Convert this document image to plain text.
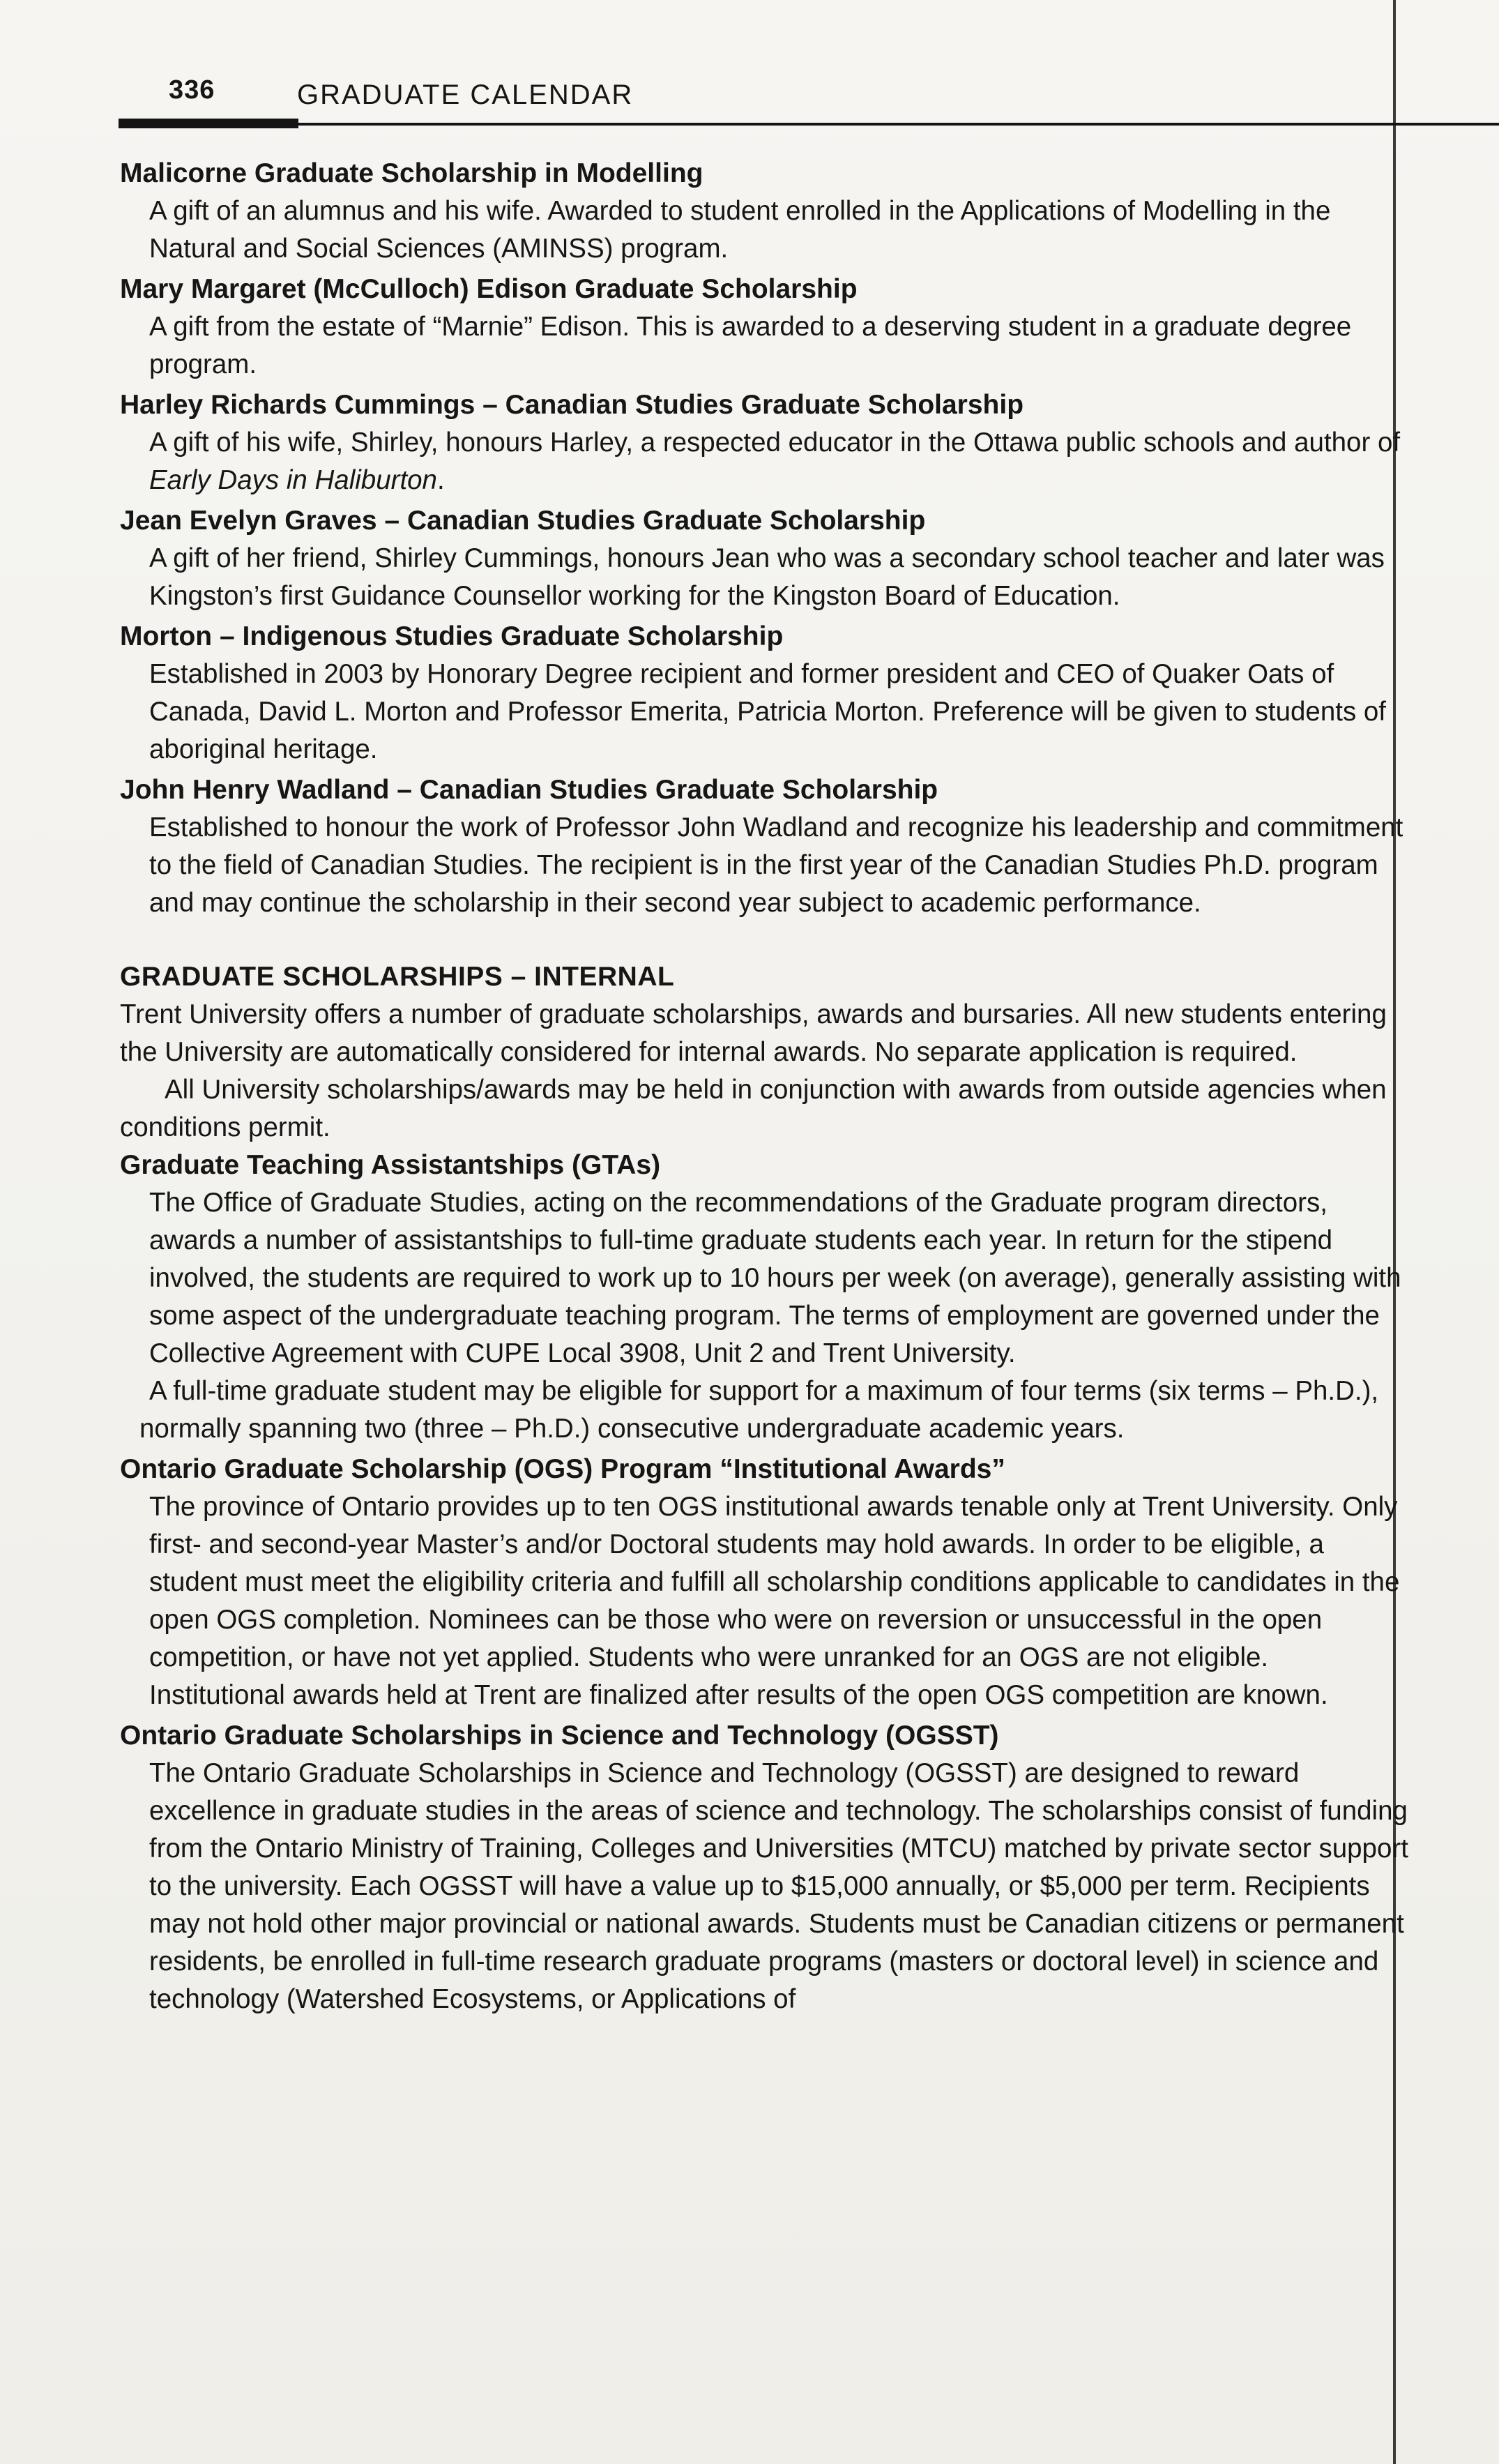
336	GRADUATE CALENDAR

Malicorne Graduate Scholarship in Modelling

A gift of an alumnus and his wife. Awarded to student enrolled in the Applications of Modelling in the Natural and Social Sciences (AMINSS) program.

Mary Margaret (McCulloch) Edison Graduate Scholarship

A gift from the estate of “Marnie” Edison. This is awarded to a deserving student in a graduate degree program.

Harley Richards Cummings – Canadian Studies Graduate Scholarship

A gift of his wife, Shirley, honours Harley, a respected educator in the Ottawa public schools and author of Early Days in Haliburton.

Jean Evelyn Graves – Canadian Studies Graduate Scholarship

A gift of her friend, Shirley Cummings, honours Jean who was a secondary school teacher and later was Kingston’s first Guidance Counsellor working for the Kingston Board of Education.

Morton – Indigenous Studies Graduate Scholarship

Established in 2003 by Honorary Degree recipient and former president and CEO of Quaker Oats of Canada, David L. Morton and Professor Emerita, Patricia Morton. Preference will be given to students of aboriginal heritage.

John Henry Wadland – Canadian Studies Graduate Scholarship

Established to honour the work of Professor John Wadland and recognize his leadership and commitment to the field of Canadian Studies. The recipient is in the first year of the Canadian Studies Ph.D. program and may continue the scholarship in their second year subject to academic performance.

GRADUATE SCHOLARSHIPS – INTERNAL

Trent University offers a number of graduate scholarships, awards and bursaries. All new students entering the University are automatically considered for internal awards. No separate application is required.

All University scholarships/awards may be held in conjunction with awards from outside agencies when conditions permit.

Graduate Teaching Assistantships (GTAs)

The Office of Graduate Studies, acting on the recommendations of the Graduate program directors, awards a number of assistantships to full-time graduate students each year. In return for the stipend involved, the students are required to work up to 10 hours per week (on average), generally assisting with some aspect of the undergraduate teaching program. The terms of employment are governed under the Collective Agreement with CUPE Local 3908, Unit 2 and Trent University.

A full-time graduate student may be eligible for support for a maximum of four terms (six terms – Ph.D.), normally spanning two (three – Ph.D.) consecutive undergraduate academic years.

Ontario Graduate Scholarship (OGS) Program “Institutional Awards”

The province of Ontario provides up to ten OGS institutional awards tenable only at Trent University. Only first- and second-year Master’s and/or Doctoral students may hold awards. In order to be eligible, a student must meet the eligibility criteria and fulfill all scholarship conditions applicable to candidates in the open OGS completion. Nominees can be those who were on reversion or unsuccessful in the open competition, or have not yet applied. Students who were unranked for an OGS are not eligible.

Institutional awards held at Trent are finalized after results of the open OGS competition are known.

Ontario Graduate Scholarships in Science and Technology (OGSST)

The Ontario Graduate Scholarships in Science and Technology (OGSST) are designed to reward excellence in graduate studies in the areas of science and technology. The scholarships consist of funding from the Ontario Ministry of Training, Colleges and Universities (MTCU) matched by private sector support to the university. Each OGSST will have a value up to $15,000 annually, or $5,000 per term. Recipients may not hold other major provincial or national awards. Students must be Canadian citizens or permanent residents, be enrolled in full-time research graduate programs (masters or doctoral level) in science and technology (Watershed Ecosystems, or Applications of
